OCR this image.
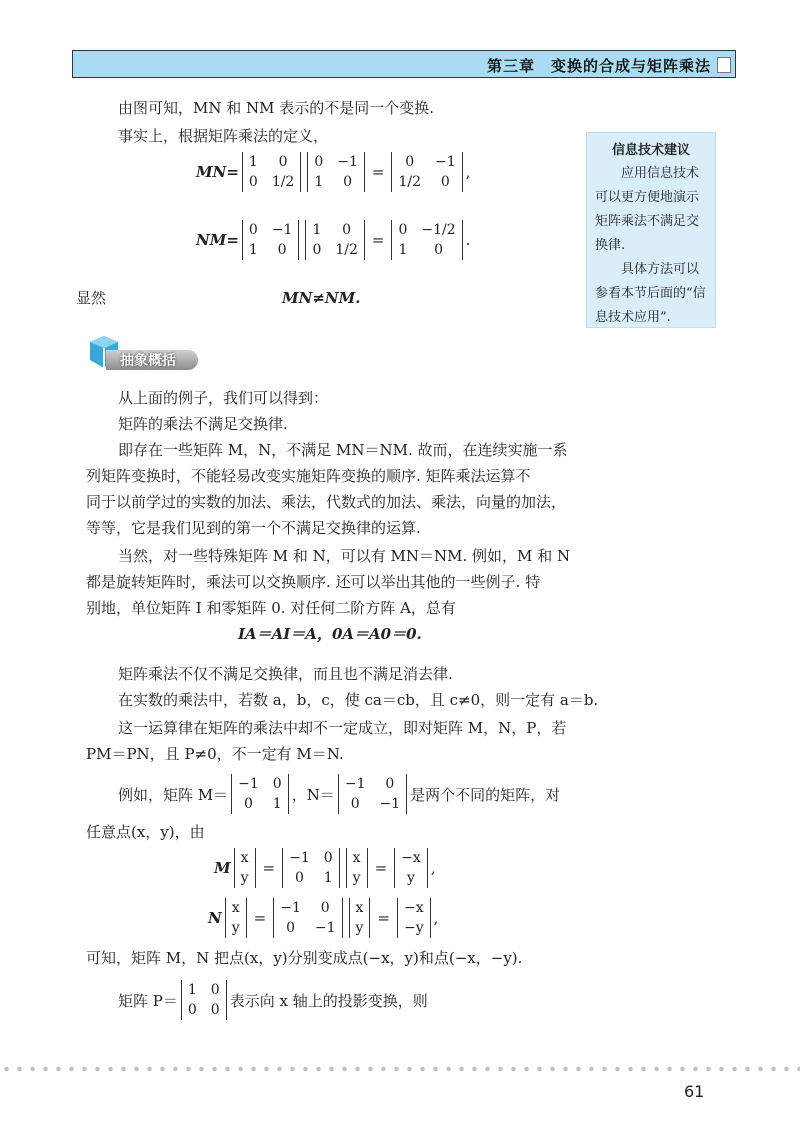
第三章　变换的合成与矩阵乘法
由图可知，MN 和 NM 表示的不是同一个变换.
事实上，根据矩阵乘法的定义，
MN=
1 0
0 1/2
0 −1
1 0
=
0 −1
1/2 0
,
NM=
0 −1
1 0
1 0
0 1/2
=
0 −1/2
1 0
.
显然	MN≠NM.
信息技术建议
应用信息技术可以更方便地演示矩阵乘法不满足交换律.
具体方法可以参看本节后面的“信息技术应用”.
抽象概括
从上面的例子，我们可以得到：
矩阵的乘法不满足交换律.
即存在一些矩阵 M，N，不满足 MN＝NM. 故而，在连续实施一系
列矩阵变换时，不能轻易改变实施矩阵变换的顺序. 矩阵乘法运算不
同于以前学过的实数的加法、乘法，代数式的加法、乘法，向量的加法，
等等，它是我们见到的第一个不满足交换律的运算.
当然，对一些特殊矩阵 M 和 N，可以有 MN＝NM. 例如，M 和 N
都是旋转矩阵时，乘法可以交换顺序. 还可以举出其他的一些例子. 特
别地，单位矩阵 I 和零矩阵 0. 对任何二阶方阵 A，总有
IA＝AI＝A，0A＝A0＝0.
矩阵乘法不仅不满足交换律，而且也不满足消去律.
在实数的乘法中，若数 a，b，c，使 ca＝cb，且 c≠0，则一定有 a＝b.
这一运算律在矩阵的乘法中却不一定成立，即对矩阵 M，N，P，若
PM＝PN，且 P≠0，不一定有 M＝N.
例如，矩阵 M＝
−1 0
0 1
，N＝
−1 0
0 −1
是两个不同的矩阵，对
任意点(x，y)，由
M
x
y
=
−1 0
0 1
x
y
=
−x
y
,
N
x
y
=
−1 0
0 −1
x
y
=
−x
−y
,
可知，矩阵 M，N 把点(x，y)分别变成点(−x，y)和点(−x，−y).
矩阵 P＝
1 0
0 0
表示向 x 轴上的投影变换，则
61
